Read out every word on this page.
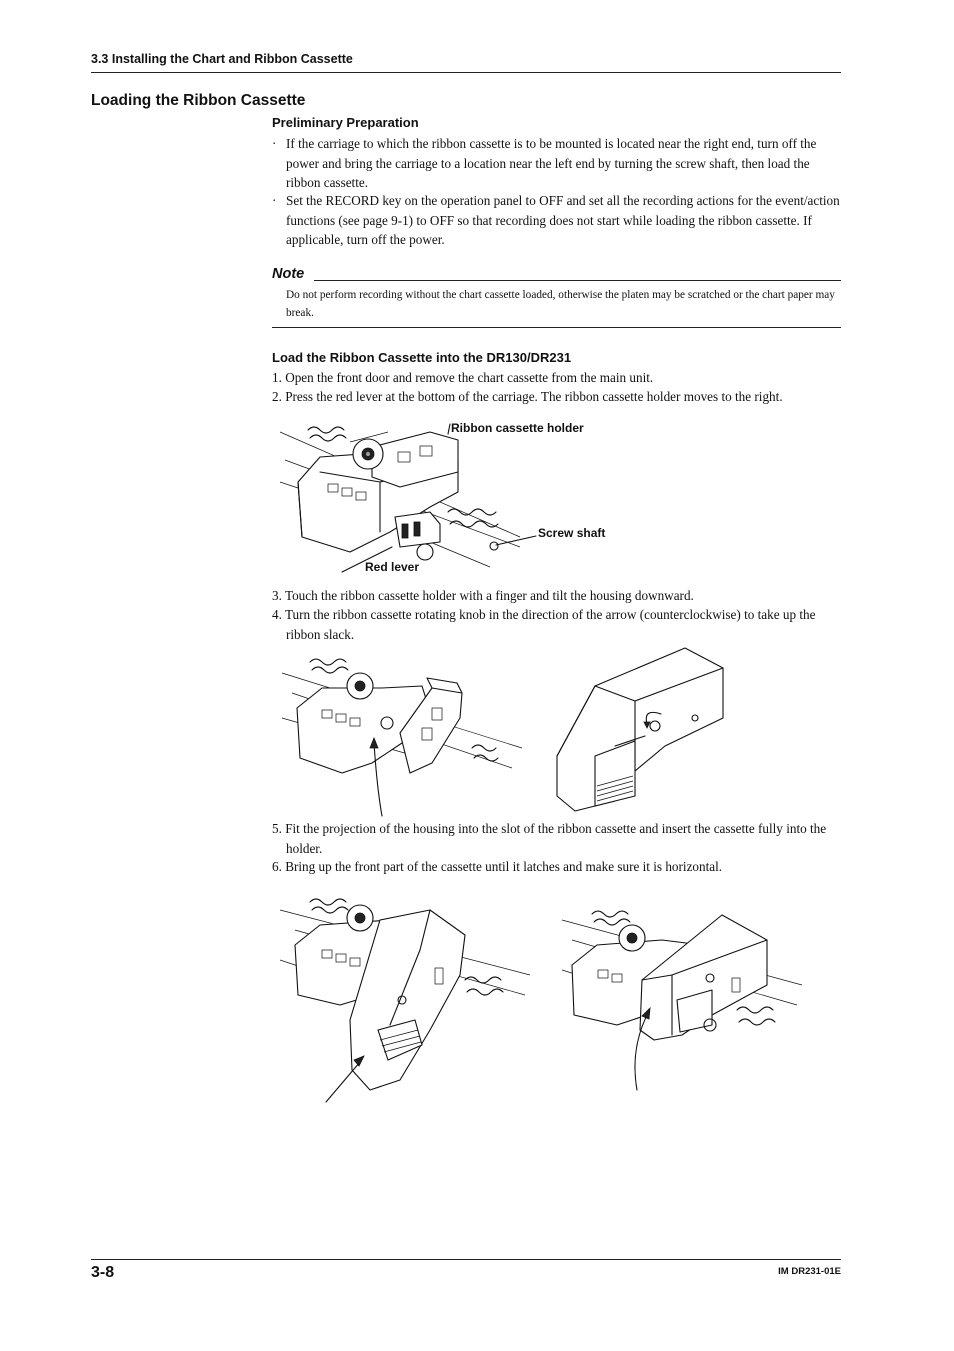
3.3 Installing the Chart and Ribbon Cassette
Loading the Ribbon Cassette
Preliminary Preparation
· If the carriage to which the ribbon cassette is to be mounted is located near the right end, turn off the power and bring the carriage to a location near the left end by turning the screw shaft, then load the ribbon cassette.
· Set the RECORD key on the operation panel to OFF and set all the recording actions for the event/action functions (see page 9-1) to OFF so that recording does not start while loading the ribbon cassette. If applicable, turn off the power.
Note
Do not perform recording without the chart cassette loaded, otherwise the platen may be scratched or the chart paper may break.
Load the Ribbon Cassette into the DR130/DR231
1. Open the front door and remove the chart cassette from the main unit.
2. Press the red lever at the bottom of the carriage. The ribbon cassette holder moves to the right.
Ribbon cassette holder
Screw shaft
Red lever
3. Touch the ribbon cassette holder with a finger and tilt the housing downward.
4. Turn the ribbon cassette rotating knob in the direction of the arrow (counterclockwise) to take up the ribbon slack.
5. Fit the projection of the housing into the slot of the ribbon cassette and insert the cassette fully into the holder.
6. Bring up the front part of the cassette until it latches and make sure it is horizontal.
3-8	IM DR231-01E
